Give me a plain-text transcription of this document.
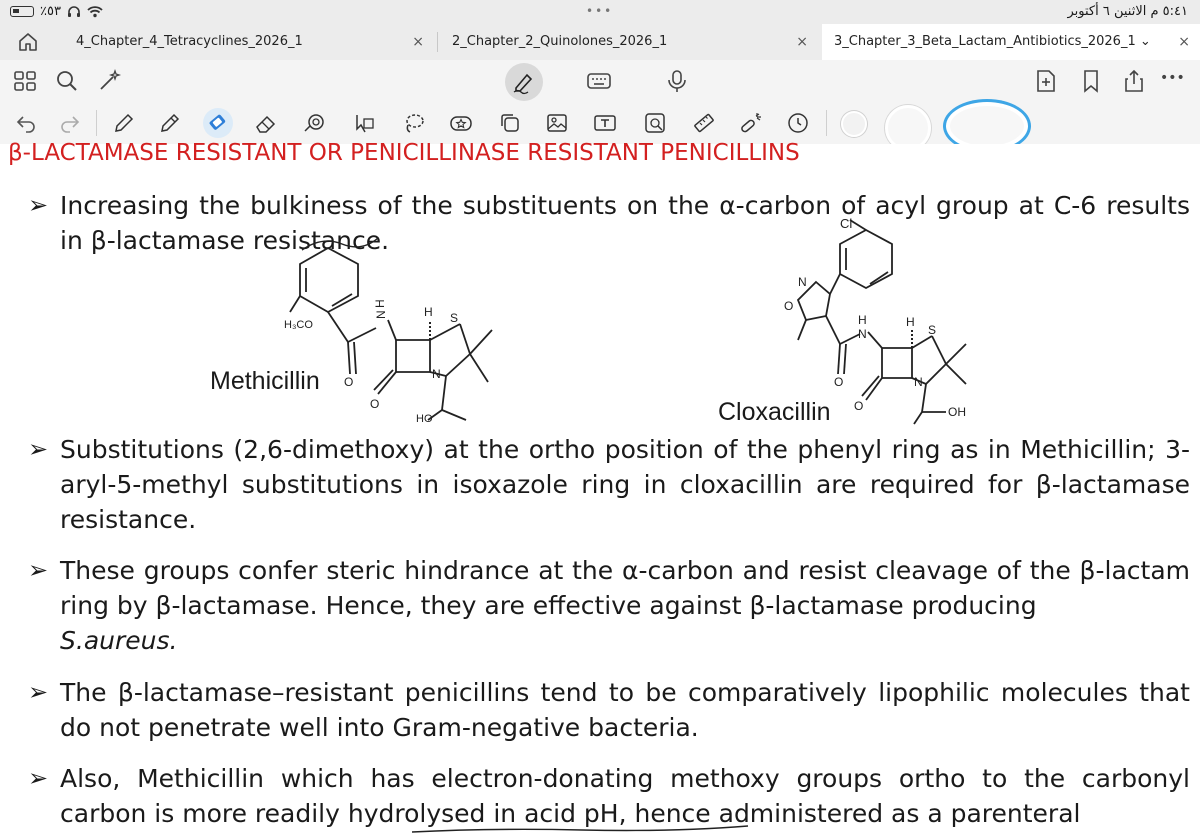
٪٥٣	•••	٥:٤١ م الاثنين ٦ أكتوبر
4_Chapter_4_Tetracyclines_2026_1	× 2_Chapter_2_Quinolones_2026_1	× 3_Chapter_3_Beta_Lactam_Antibiotics_2026_1 ⌄ ×
•••
β-LACTAMASE RESISTANT OR PENICILLINASE RESISTANT PENICILLINS
➢ Increasing the bulkiness of the substituents on the α-carbon of acyl group at C-6 results in β-lactamase resistance.
H₃CO
N
H
H S
N
O
O
HO
Methicillin
Cl
N
O
H
N
H
S
N
O
O	OH
Cloxacillin
➢ Substitutions (2,6-dimethoxy) at the ortho position of the phenyl ring as in Methicillin; 3-aryl-5-methyl substitutions in isoxazole ring in cloxacillin are required for β-lactamase resistance.
➢ These groups confer steric hindrance at the α-carbon and resist cleavage of the β-lactam ring by β-lactamase. Hence, they are effective against β-lactamase producing
S.aureus.
➢ The β-lactamase–resistant penicillins tend to be comparatively lipophilic molecules that do not penetrate well into Gram-negative bacteria.
➢ Also, Methicillin which has electron-donating methoxy groups ortho to the carbonyl carbon is more readily hydrolysed in acid pH, hence administered as a parenteral
